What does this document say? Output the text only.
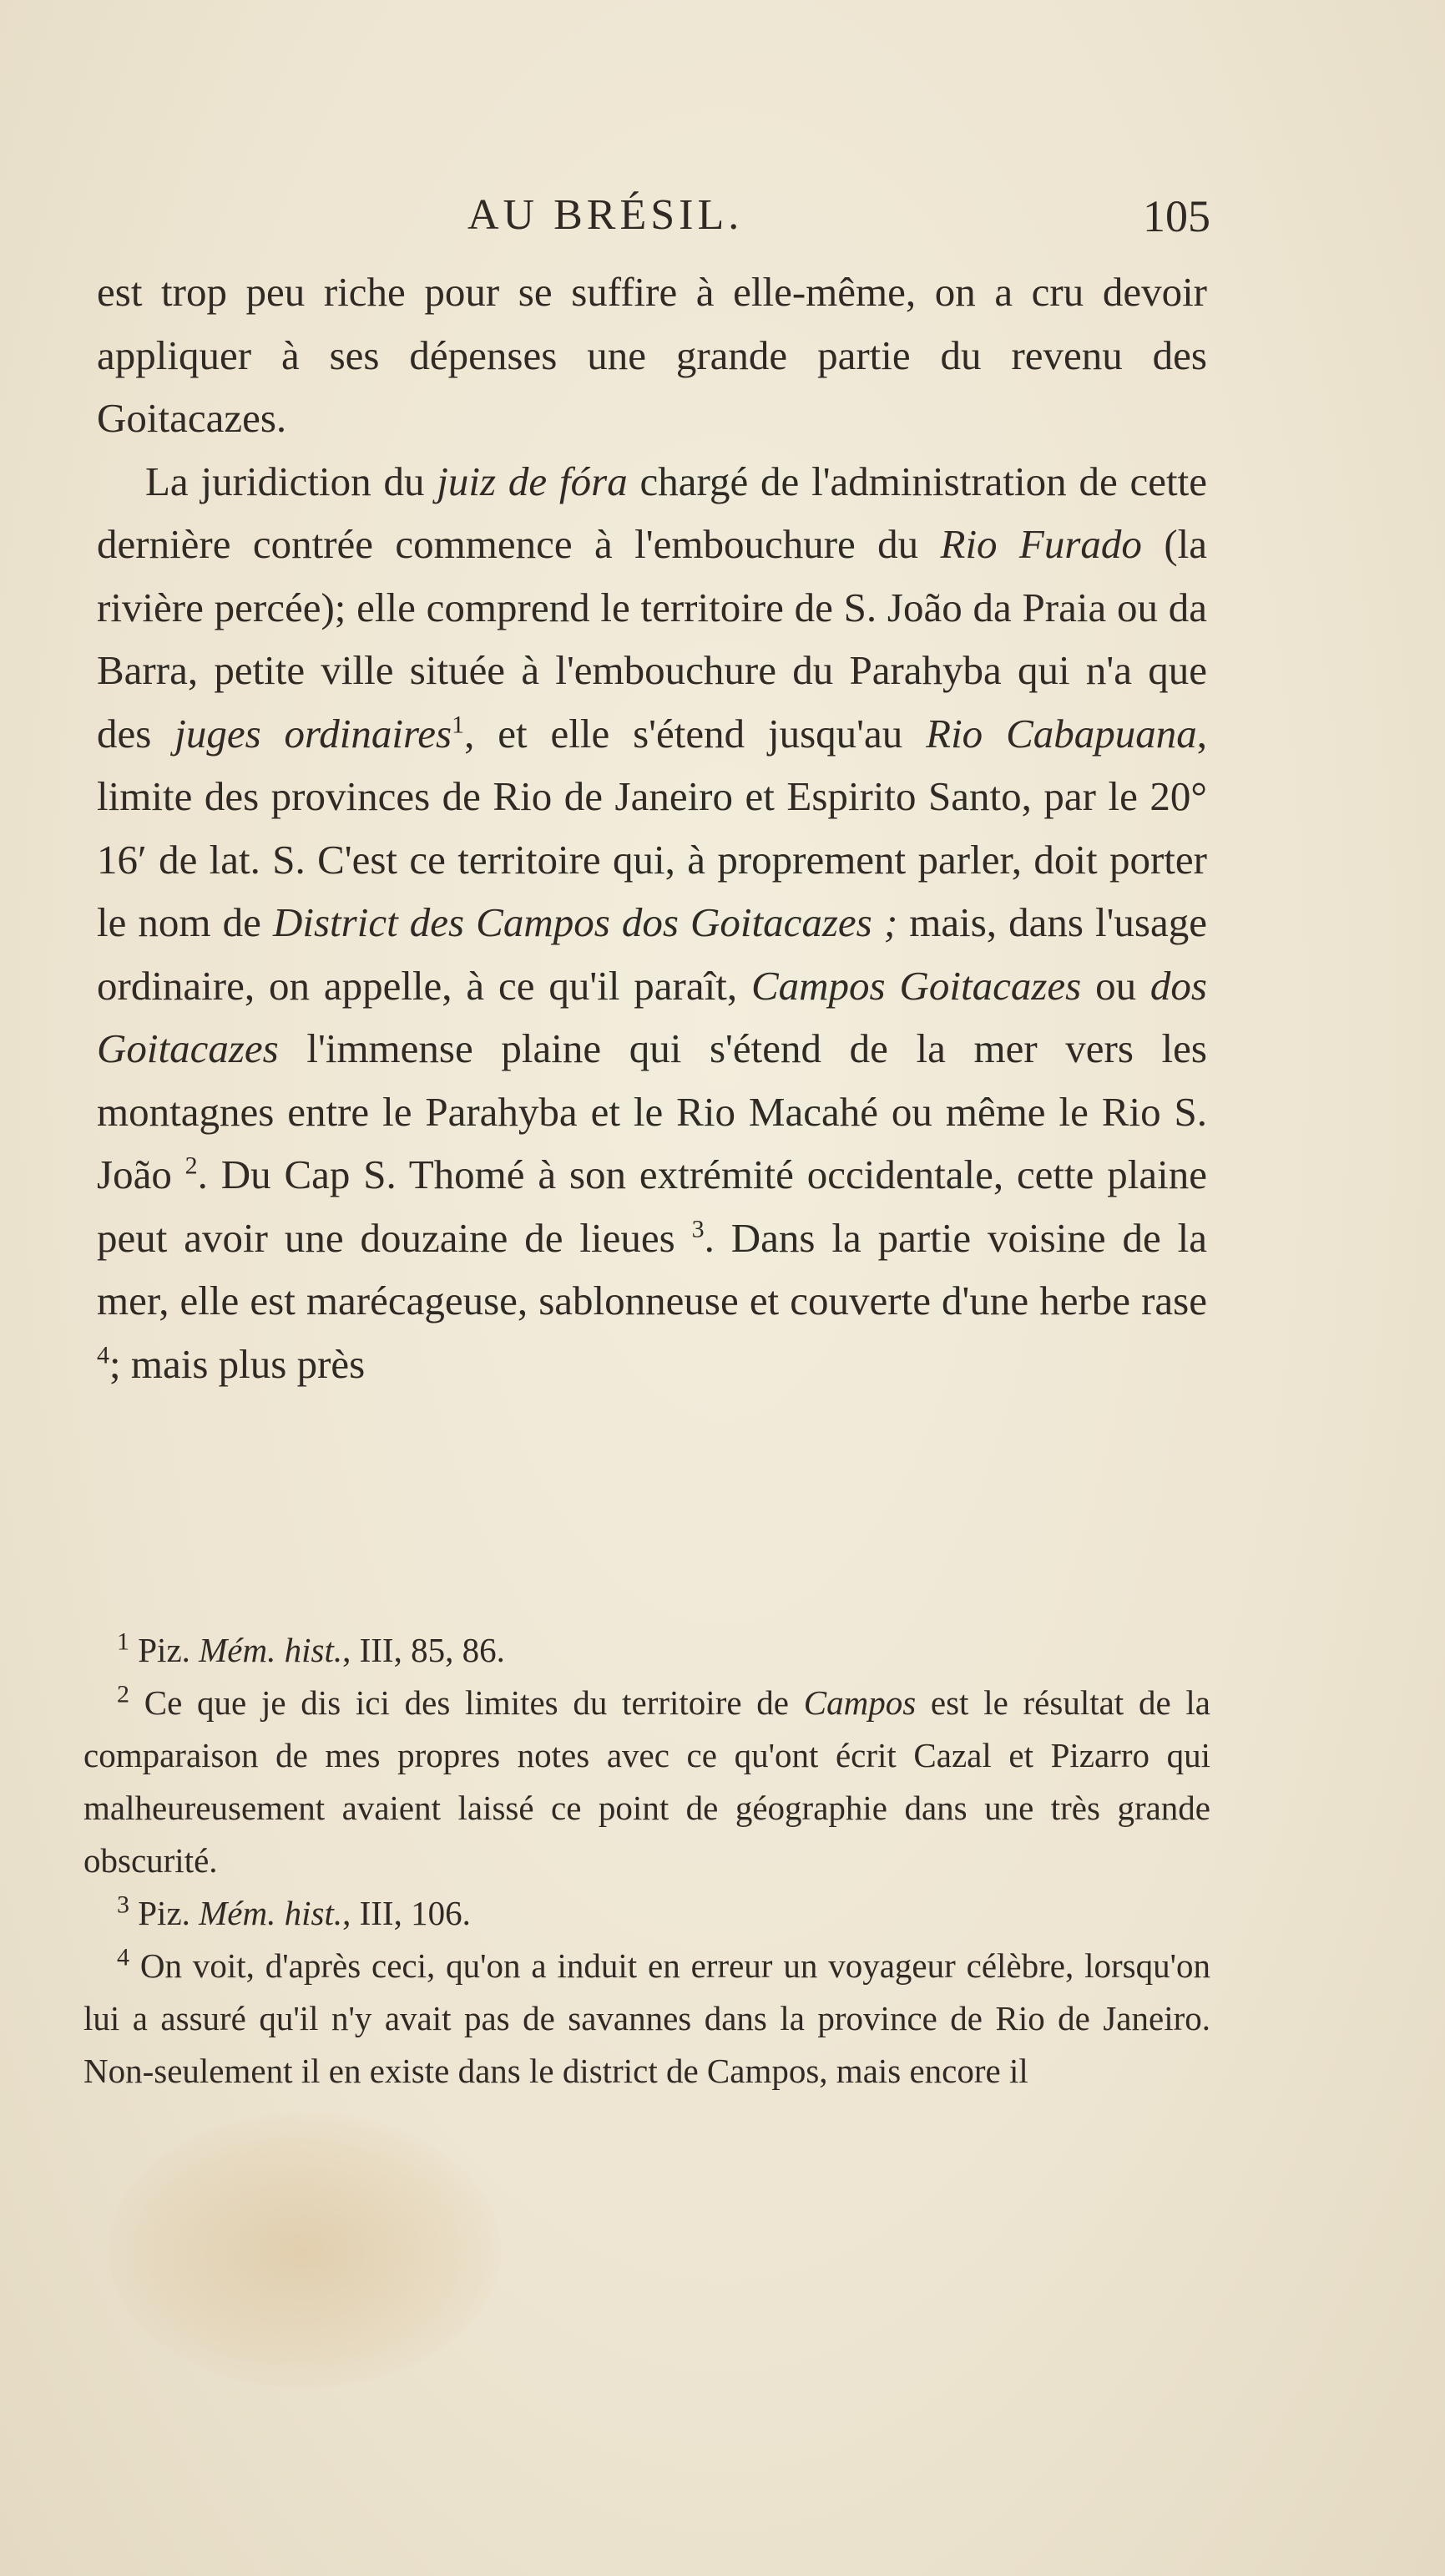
AU BRÉSIL.	105

est trop peu riche pour se suffire à elle-même, on a cru devoir appliquer à ses dépenses une grande partie du revenu des Goitacazes.

La juridiction du juiz de fóra chargé de l'administration de cette dernière contrée commence à l'embouchure du Rio Furado (la rivière percée); elle comprend le territoire de S. João da Praia ou da Barra, petite ville située à l'embouchure du Parahyba qui n'a que des juges ordinaires$^1$, et elle s'étend jusqu'au Rio Cabapuana, limite des provinces de Rio de Janeiro et Espirito Santo, par le 20° 16′ de lat. S. C'est ce territoire qui, à proprement parler, doit porter le nom de District des Campos dos Goitacazes ; mais, dans l'usage ordinaire, on appelle, à ce qu'il paraît, Campos Goitacazes ou dos Goitacazes l'immense plaine qui s'étend de la mer vers les montagnes entre le Parahyba et le Rio Macahé ou même le Rio S. João $^2$. Du Cap S. Thomé à son extrémité occidentale, cette plaine peut avoir une douzaine de lieues $^3$. Dans la partie voisine de la mer, elle est marécageuse, sablonneuse et couverte d'une herbe rase $^4$; mais plus près

$^1$ Piz. Mém. hist., III, 85, 86.

$^2$ Ce que je dis ici des limites du territoire de Campos est le résultat de la comparaison de mes propres notes avec ce qu'ont écrit Cazal et Pizarro qui malheureusement avaient laissé ce point de géographie dans une très grande obscurité.

$^3$ Piz. Mém. hist., III, 106.

$^4$ On voit, d'après ceci, qu'on a induit en erreur un voyageur célèbre, lorsqu'on lui a assuré qu'il n'y avait pas de savannes dans la province de Rio de Janeiro. Non-seulement il en existe dans le district de Campos, mais encore il
